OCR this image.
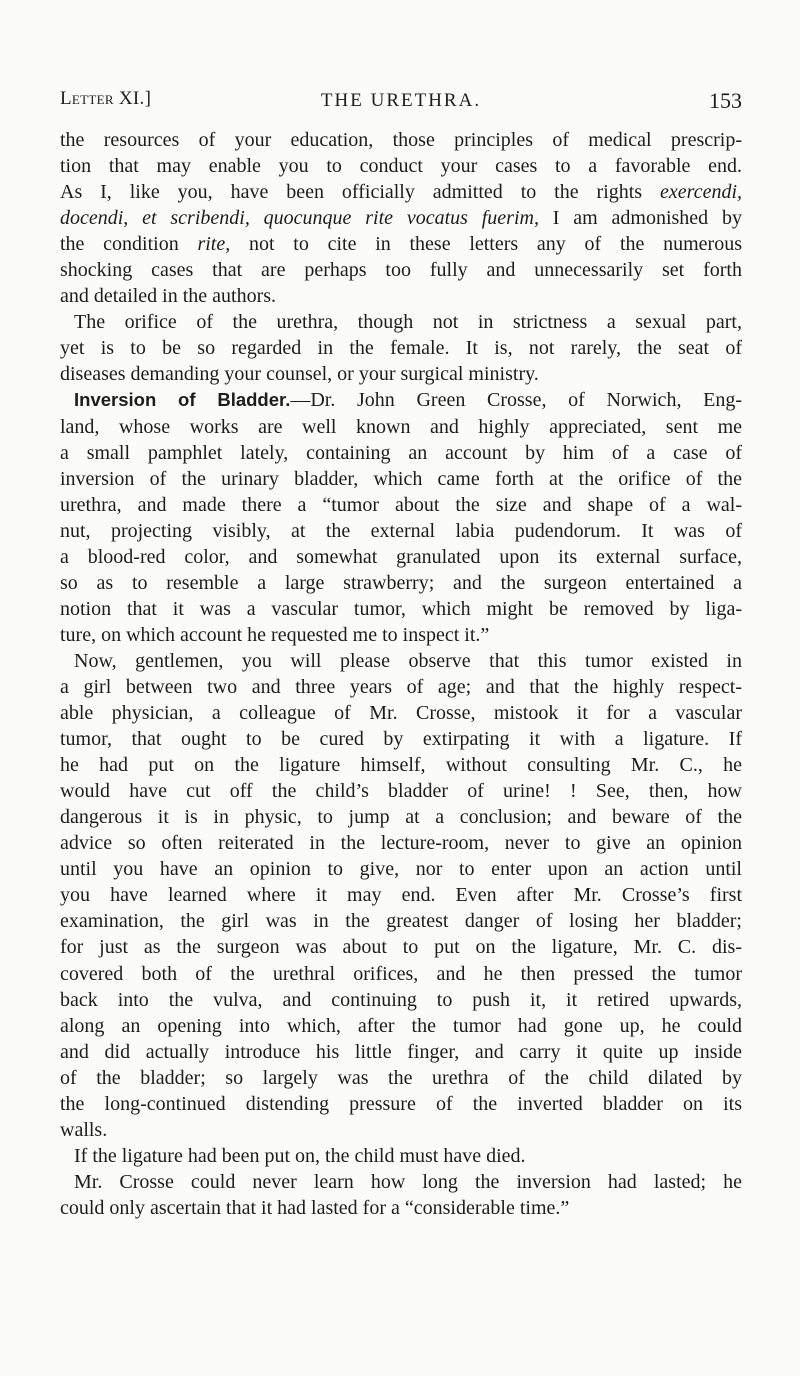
Letter XI.]	THE URETHRA.	153
the resources of your education, those principles of medical prescrip-
tion that may enable you to conduct your cases to a favorable end.
As I, like you, have been officially admitted to the rights exercendi,
docendi, et scribendi, quocunque rite vocatus fuerim, I am admonished by
the condition rite, not to cite in these letters any of the numerous
shocking cases that are perhaps too fully and unnecessarily set forth
and detailed in the authors.
The orifice of the urethra, though not in strictness a sexual part,
yet is to be so regarded in the female. It is, not rarely, the seat of
diseases demanding your counsel, or your surgical ministry.
Inversion of Bladder.—Dr. John Green Crosse, of Norwich, Eng-
land, whose works are well known and highly appreciated, sent me
a small pamphlet lately, containing an account by him of a case of
inversion of the urinary bladder, which came forth at the orifice of the
urethra, and made there a “tumor about the size and shape of a wal-
nut, projecting visibly, at the external labia pudendorum. It was of
a blood-red color, and somewhat granulated upon its external surface,
so as to resemble a large strawberry; and the surgeon entertained a
notion that it was a vascular tumor, which might be removed by liga-
ture, on which account he requested me to inspect it.”
Now, gentlemen, you will please observe that this tumor existed in
a girl between two and three years of age; and that the highly respect-
able physician, a colleague of Mr. Crosse, mistook it for a vascular
tumor, that ought to be cured by extirpating it with a ligature. If
he had put on the ligature himself, without consulting Mr. C., he
would have cut off the child’s bladder of urine! ! See, then, how
dangerous it is in physic, to jump at a conclusion; and beware of the
advice so often reiterated in the lecture-room, never to give an opinion
until you have an opinion to give, nor to enter upon an action until
you have learned where it may end. Even after Mr. Crosse’s first
examination, the girl was in the greatest danger of losing her bladder;
for just as the surgeon was about to put on the ligature, Mr. C. dis-
covered both of the urethral orifices, and he then pressed the tumor
back into the vulva, and continuing to push it, it retired upwards,
along an opening into which, after the tumor had gone up, he could
and did actually introduce his little finger, and carry it quite up inside
of the bladder; so largely was the urethra of the child dilated by
the long-continued distending pressure of the inverted bladder on its
walls.
If the ligature had been put on, the child must have died.
Mr. Crosse could never learn how long the inversion had lasted; he
could only ascertain that it had lasted for a “considerable time.”
